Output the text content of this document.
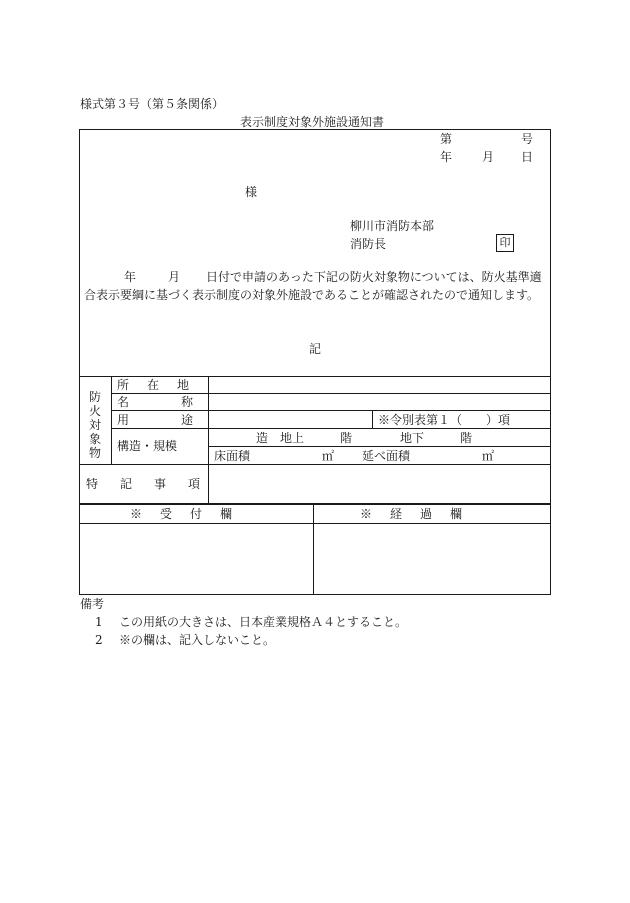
様式第３号（第５条関係）
表示制度対象外施設通知書
第	号
年 月 日
様
柳川市消防本部
消防長	印
年	月	日付で申請のあった下記の防火対象物については、防火基準適合表示要綱に基づく表示制度の対象外施設であることが確認されたので通知します。
記
防火対象物
所在地
名称
用途	※令別表第１（　　）項
構造・規模
造　地上　　　階　　　　地下　　　階
床面積	㎡ 延べ面積	㎡
特記事項
※受付欄	※経過欄
備考
1 この用紙の大きさは、日本産業規格Ａ４とすること。
2 ※の欄は、記入しないこと。
